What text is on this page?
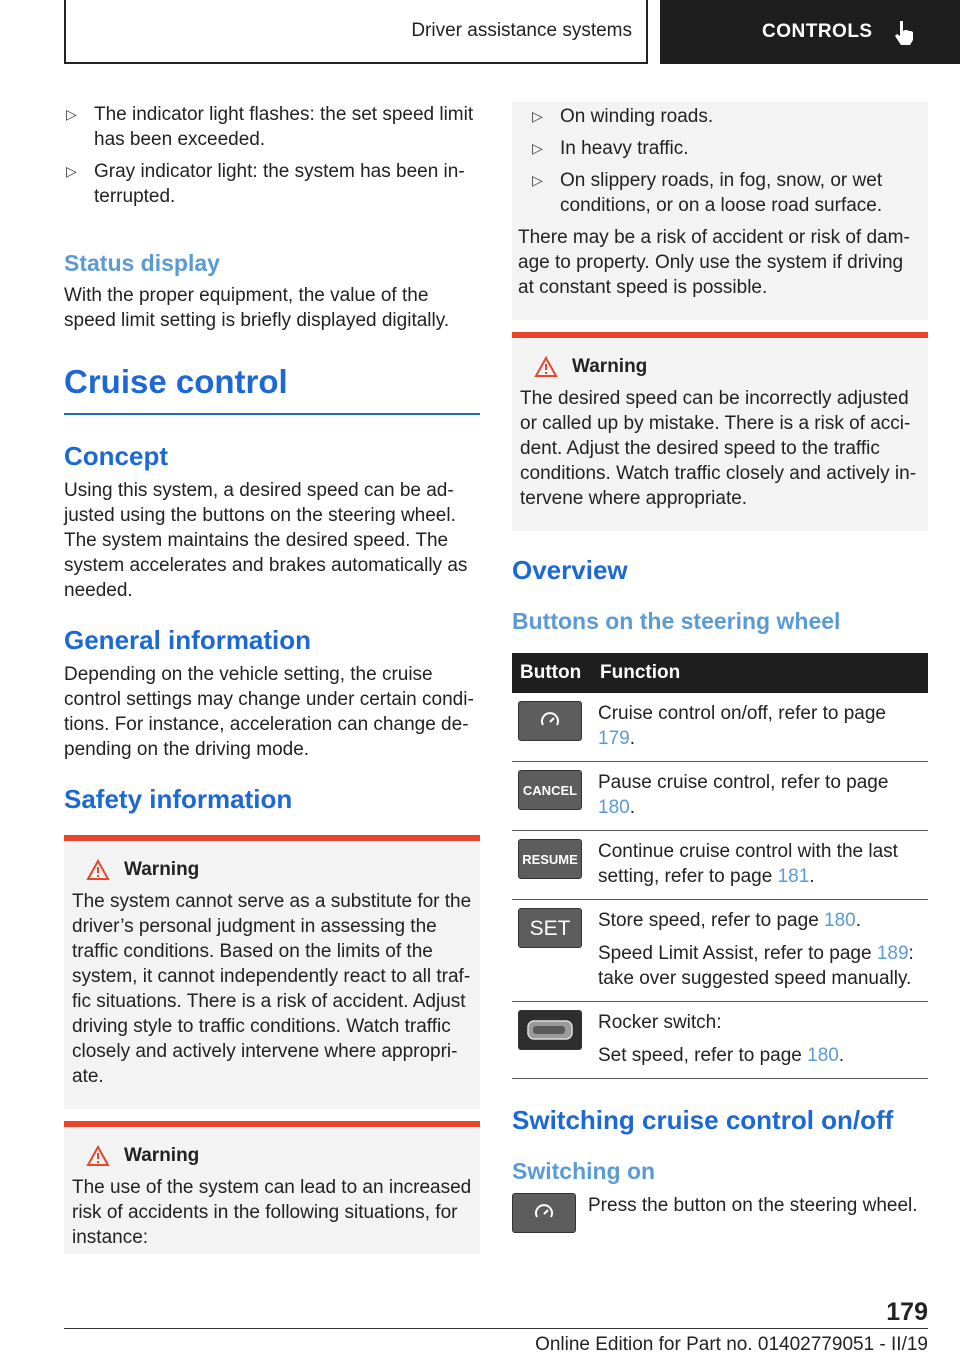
Driver assistance systems	CONTROLS
▷ The indicator light flashes: the set speed limit has been exceeded.
▷ Gray indicator light: the system has been interrupted.
Status display

With the proper equipment, the value of the speed limit setting is briefly displayed digitally.

Cruise control
Concept

Using this system, a desired speed can be adjusted using the buttons on the steering wheel. The system maintains the desired speed. The system accelerates and brakes automatically as needed.

General information

Depending on the vehicle setting, the cruise control settings may change under certain conditions. For instance, acceleration can change depending on the driving mode.

Safety information
Warning

The system cannot serve as a substitute for the driver’s personal judgment in assessing the traffic conditions. Based on the limits of the system, it cannot independently react to all traffic situations. There is a risk of accident. Adjust driving style to traffic conditions. Watch traffic closely and actively intervene where appropriate.

Warning

The use of the system can lead to an increased risk of accidents in the following situations, for instance:

▷ On winding roads.
▷ In heavy traffic.
▷ On slippery roads, in fog, snow, or wet conditions, or on a loose road surface.

There may be a risk of accident or risk of damage to property. Only use the system if driving at constant speed is possible.

Warning

The desired speed can be incorrectly adjusted or called up by mistake. There is a risk of accident. Adjust the desired speed to the traffic conditions. Watch traffic closely and actively intervene where appropriate.

Overview
Buttons on the steering wheel
Button	Function

	Cruise control on/off, refer to page 179.

CANCEL	Pause cruise control, refer to page 180.

RESUME	Continue cruise control with the last setting, refer to page 181.

SET	Store speed, refer to page 180.
Speed Limit Assist, refer to page 189: take over suggested speed manually.

Rocker switch:
Set speed, refer to page 180.
Switching cruise control on/off
Switching on

Press the button on the steering wheel.

179
Online Edition for Part no. 01402779051 - II/19
